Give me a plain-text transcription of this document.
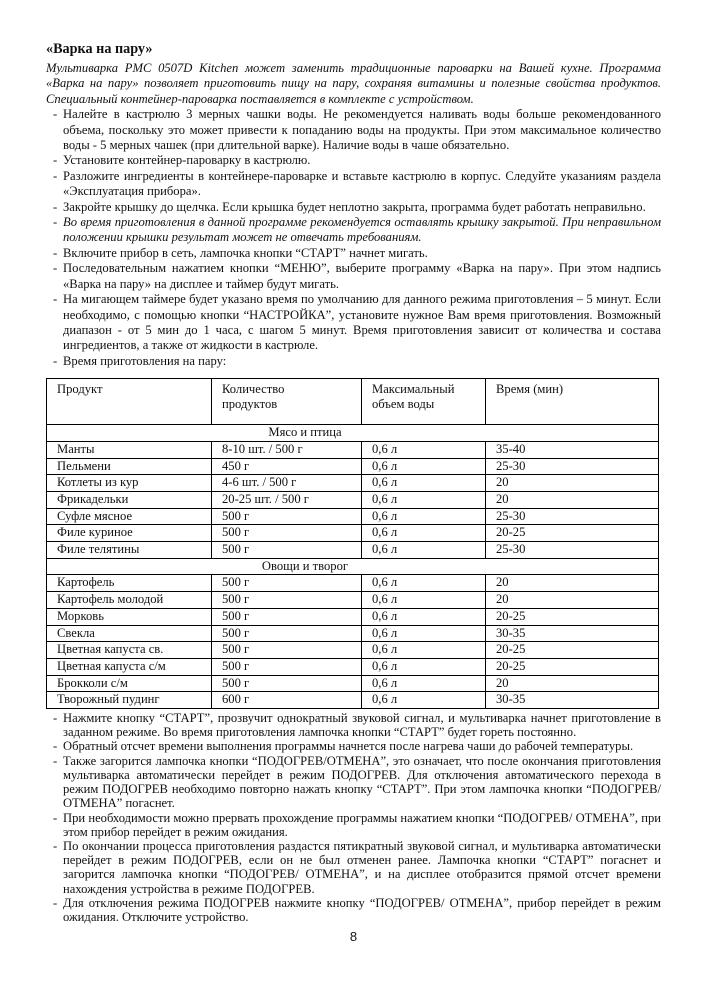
«Варка на пару»

Мультиварка PMC 0507D Kitchen может заменить традиционные пароварки на Вашей кухне. Программа «Варка на пару» позволяет приготовить пищу на пару, сохраняя витамины и полезные свойства продуктов. Специальный контейнер-пароварка поставляется в комплекте с устройством.

- Налейте в кастрюлю 3 мерных чашки воды. Не рекомендуется наливать воды больше рекомендованного объема, поскольку это может привести к попаданию воды на продукты. При этом максимальное количество воды - 5 мерных чашек (при длительной варке). Наличие воды в чаше обязательно.
- Установите контейнер-пароварку в кастрюлю.
- Разложите ингредиенты в контейнере-пароварке и вставьте кастрюлю в корпус. Следуйте указаниям раздела «Эксплуатация прибора».
- Закройте крышку до щелчка. Если крышка будет неплотно закрыта, программа будет работать неправильно.
- Во время приготовления в данной программе рекомендуется оставлять крышку закрытой. При неправильном положении крышки результат может не отвечать требованиям.
- Включите прибор в сеть, лампочка кнопки “СТАРТ” начнет мигать.
- Последовательным нажатием кнопки “МЕНЮ”, выберите программу «Варка на пару». При этом надпись «Варка на пару» на дисплее и таймер будут мигать.
- На мигающем таймере будет указано время по умолчанию для данного режима приготовления – 5 минут. Если необходимо, с помощью кнопки “НАСТРОЙКА”, установите нужное Вам время приготовления. Возможный диапазон - от 5 мин до 1 часа, с шагом 5 минут. Время приготовления зависит от количества и состава ингредиентов, а также от жидкости в кастрюле.
- Время приготовления на пару:
Продукт	Количество продуктов	Максимальный объем воды	Время (мин)
Мясо и птица			
Манты	8-10 шт. / 500 г	0,6 л	35-40
Пельмени	450 г	0,6 л	25-30
Котлеты из кур	4-6 шт. / 500 г	0,6 л	20
Фрикадельки	20-25 шт. / 500 г	0,6 л	20
Суфле мясное	500 г	0,6 л	25-30
Филе куриное	500 г	0,6 л	20-25
Филе телятины	500 г	0,6 л	25-30
Овощи и творог			
Картофель	500 г	0,6 л	20
Картофель молодой	500 г	0,6 л	20
Морковь	500 г	0,6 л	20-25
Свекла	500 г	0,6 л	30-35
Цветная капуста св.	500 г	0,6 л	20-25
Цветная капуста с/м	500 г	0,6 л	20-25
Брокколи с/м	500 г	0,6 л	20
Творожный пудинг	600 г	0,6 л	30-35
- Нажмите кнопку “СТАРТ”, прозвучит однократный звуковой сигнал, и мультиварка начнет приготовление в заданном режиме. Во время приготовления лампочка кнопки “СТАРТ” будет гореть постоянно.
- Обратный отсчет времени выполнения программы начнется после нагрева чаши до рабочей температуры.
- Также загорится лампочка кнопки “ПОДОГРЕВ/ОТМЕНА”, это означает, что после окончания приготовления мультиварка автоматически перейдет в режим ПОДОГРЕВ. Для отключения автоматического перехода в режим ПОДОГРЕВ необходимо повторно нажать кнопку “СТАРТ”. При этом лампочка кнопки “ПОДОГРЕВ/ОТМЕНА” погаснет.
- При необходимости можно прервать прохождение программы нажатием кнопки “ПОДОГРЕВ/ ОТМЕНА”, при этом прибор перейдет в режим ожидания.
- По окончании процесса приготовления раздастся пятикратный звуковой сигнал, и мультиварка автоматически перейдет в режим ПОДОГРЕВ, если он не был отменен ранее. Лампочка кнопки “СТАРТ” погаснет и загорится лампочка кнопки “ПОДОГРЕВ/ ОТМЕНА”, и на дисплее отобразится прямой отсчет времени нахождения устройства в режиме ПОДОГРЕВ.
- Для отключения режима ПОДОГРЕВ нажмите кнопку “ПОДОГРЕВ/ ОТМЕНА”, прибор перейдет в режим ожидания. Отключите устройство.
8
